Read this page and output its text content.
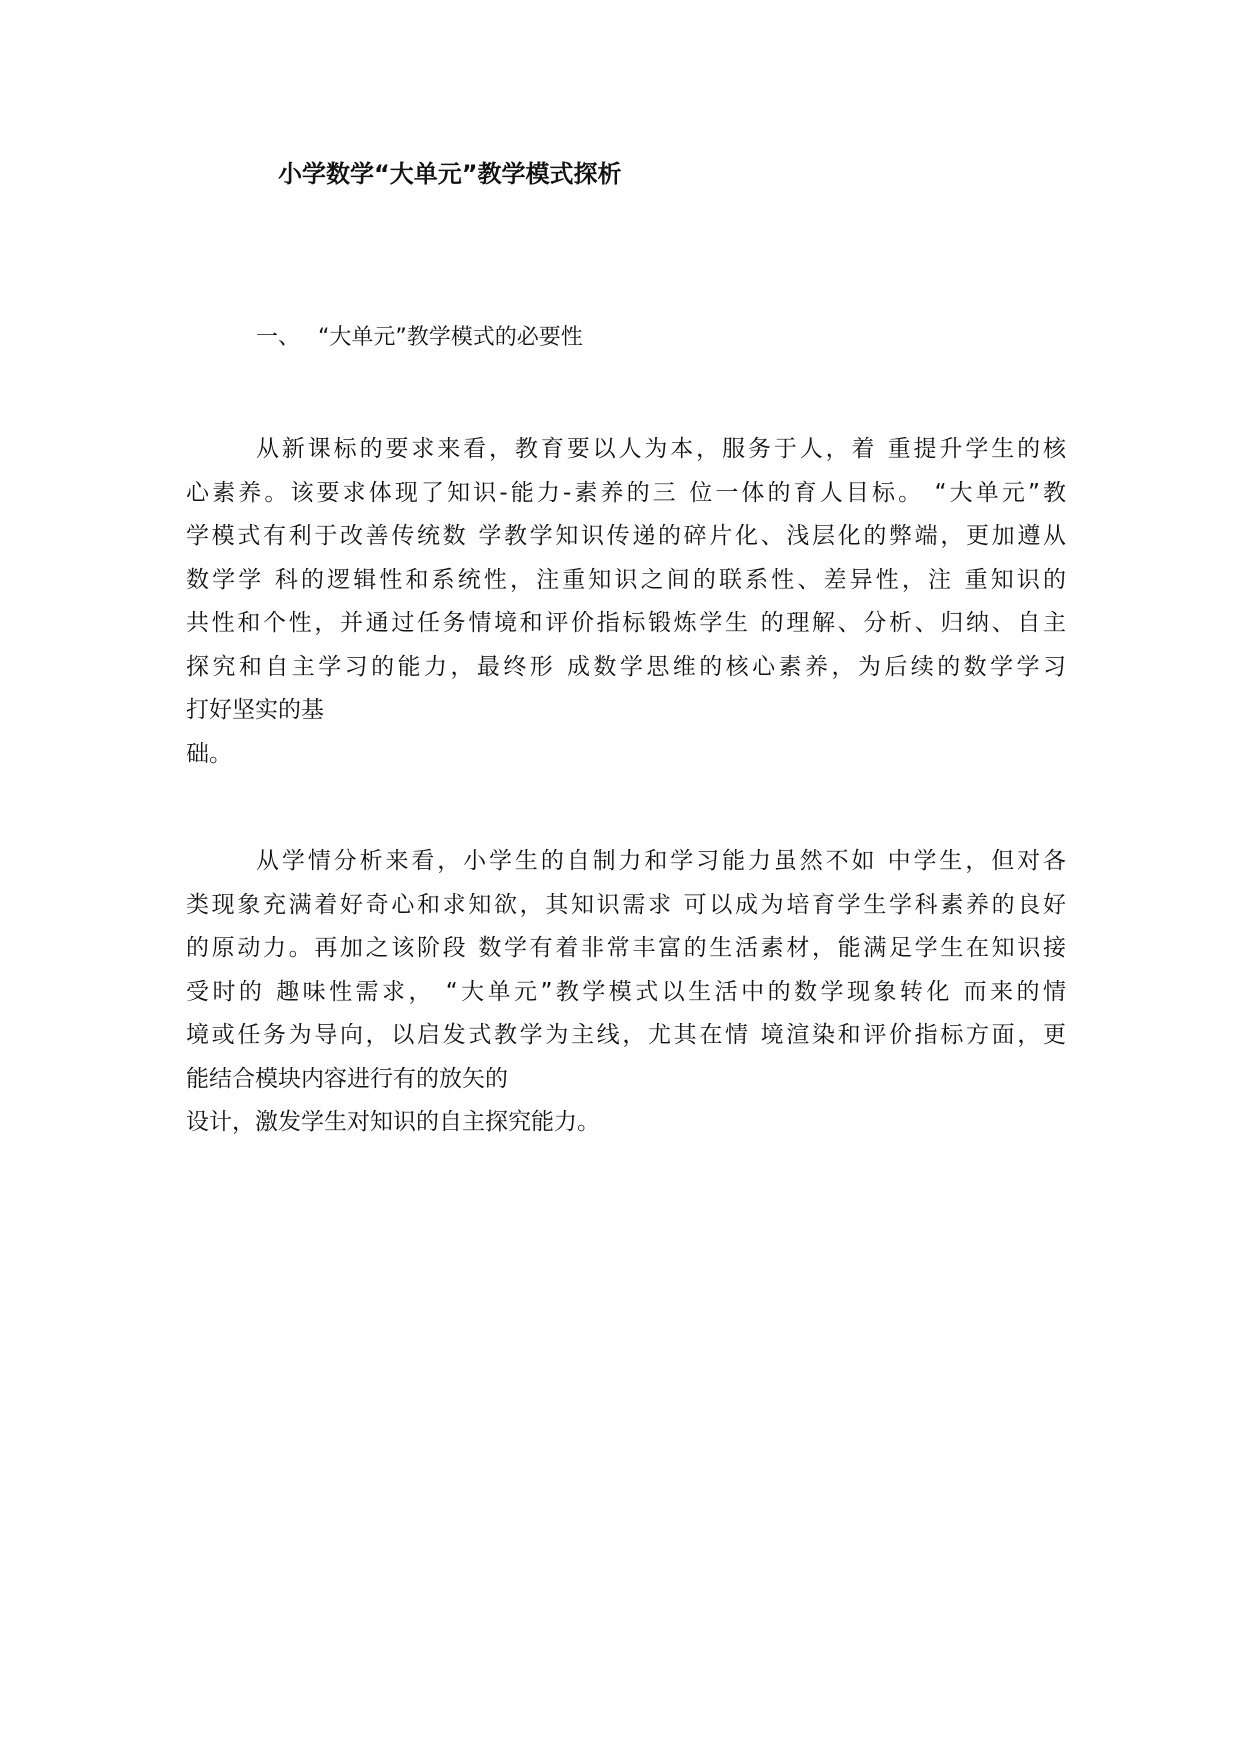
小学数学“大单元”教学模式探析
一、 “大单元”教学模式的必要性
从新课标的要求来看，教育要以人为本，服务于人，着 重提升学生的核
心素养。该要求体现了知识-能力-素养的三 位一体的育人目标。 “大单元”教
学模式有利于改善传统数 学教学知识传递的碎片化、浅层化的弊端，更加遵从
数学学 科的逻辑性和系统性，注重知识之间的联系性、差异性，注 重知识的
共性和个性，并通过任务情境和评价指标锻炼学生 的理解、分析、归纳、自主
探究和自主学习的能力，最终形 成数学思维的核心素养，为后续的数学学习
打好坚实的基
础。
从学情分析来看，小学生的自制力和学习能力虽然不如 中学生，但对各
类现象充满着好奇心和求知欲，其知识需求 可以成为培育学生学科素养的良好
的原动力。再加之该阶段 数学有着非常丰富的生活素材，能满足学生在知识接
受时的 趣味性需求， “大单元”教学模式以生活中的数学现象转化 而来的情
境或任务为导向，以启发式教学为主线，尤其在情 境渲染和评价指标方面，更
能结合模块内容进行有的放矢的
设计，激发学生对知识的自主探究能力。
